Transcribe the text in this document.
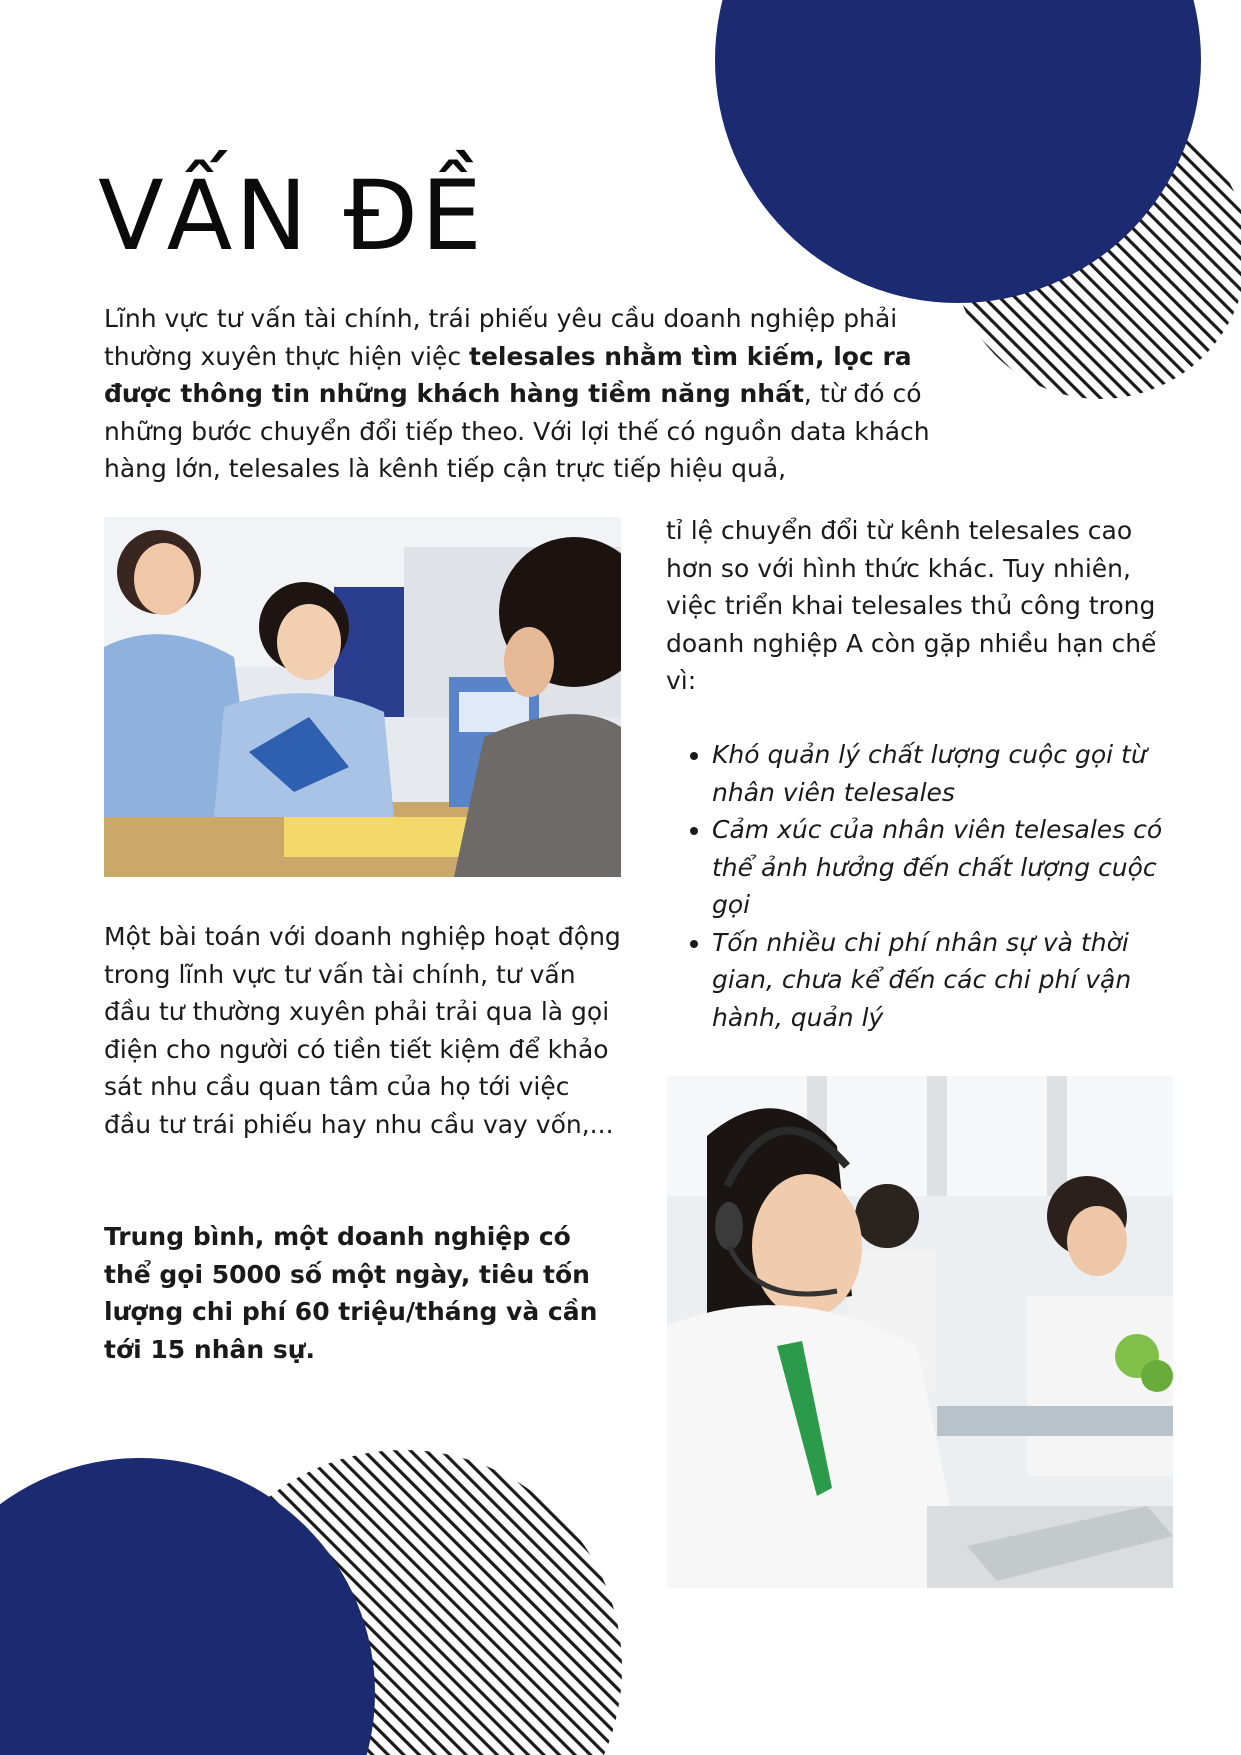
VẤN ĐỀ

Lĩnh vực tư vấn tài chính, trái phiếu yêu cầu doanh nghiệp phải thường xuyên thực hiện việc telesales nhằm tìm kiếm, lọc ra được thông tin những khách hàng tiềm năng nhất, từ đó có những bước chuyển đổi tiếp theo. Với lợi thế có nguồn data khách hàng lớn, telesales là kênh tiếp cận trực tiếp hiệu quả,

tỉ lệ chuyển đổi từ kênh telesales cao hơn so với hình thức khác. Tuy nhiên, việc triển khai telesales thủ công trong doanh nghiệp A còn gặp nhiều hạn chế vì:

• Khó quản lý chất lượng cuộc gọi từ nhân viên telesales
• Cảm xúc của nhân viên telesales có thể ảnh hưởng đến chất lượng cuộc gọi
• Tốn nhiều chi phí nhân sự và thời gian, chưa kể đến các chi phí vận hành, quản lý

Một bài toán với doanh nghiệp hoạt động trong lĩnh vực tư vấn tài chính, tư vấn đầu tư thường xuyên phải trải qua là gọi điện cho người có tiền tiết kiệm để khảo sát nhu cầu quan tâm của họ tới việc đầu tư trái phiếu hay nhu cầu vay vốn,...

Trung bình, một doanh nghiệp có thể gọi 5000 số một ngày, tiêu tốn lượng chi phí 60 triệu/tháng và cần tới 15 nhân sự.
